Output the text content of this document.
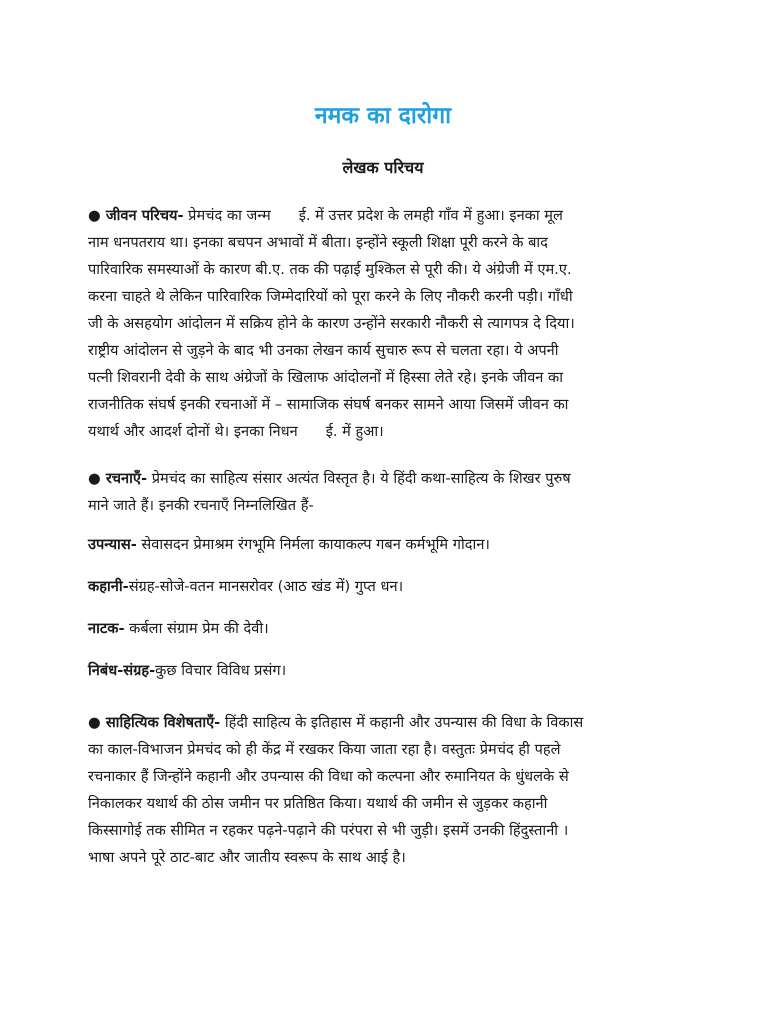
नमक का दारोगा
लेखक परिचय
● जीवन परिचय- प्रेमचंद का जन्म ई. में उत्तर प्रदेश के लमही गाँव में हुआ। इनका मूल
नाम धनपतराय था। इनका बचपन अभावों में बीता। इन्होंने स्कूली शिक्षा पूरी करने के बाद
पारिवारिक समस्याओं के कारण बी.ए. तक की पढ़ाई मुश्किल से पूरी की। ये अंग्रेजी में एम.ए.
करना चाहते थे लेकिन पारिवारिक जिम्मेदारियों को पूरा करने के लिए नौकरी करनी पड़ी। गाँधी
जी के असहयोग आंदोलन में सक्रिय होने के कारण उन्होंने सरकारी नौकरी से त्यागपत्र दे दिया।
राष्ट्रीय आंदोलन से जुड़ने के बाद भी उनका लेखन कार्य सुचारु रूप से चलता रहा। ये अपनी
पत्नी शिवरानी देवी के साथ अंग्रेजों के खिलाफ आंदोलनों में हिस्सा लेते रहे। इनके जीवन का
राजनीतिक संघर्ष इनकी रचनाओं में – सामाजिक संघर्ष बनकर सामने आया जिसमें जीवन का
यथार्थ और आदर्श दोनों थे। इनका निधन ई. में हुआ।
● रचनाएँ- प्रेमचंद का साहित्य संसार अत्यंत विस्तृत है। ये हिंदी कथा-साहित्य के शिखर पुरुष
माने जाते हैं। इनकी रचनाएँ निम्नलिखित हैं-
उपन्यास- सेवासदन प्रेमाश्रम रंगभूमि निर्मला कायाकल्प गबन कर्मभूमि गोदान।
कहानी-संग्रह-सोजे-वतन मानसरोवर (आठ खंड में) गुप्त धन।
नाटक- कर्बला संग्राम प्रेम की देवी।
निबंध-संग्रह-कुछ विचार विविध प्रसंग।
● साहित्यिक विशेषताएँ- हिंदी साहित्य के इतिहास में कहानी और उपन्यास की विधा के विकास
का काल-विभाजन प्रेमचंद को ही केंद्र में रखकर किया जाता रहा है। वस्तुतः प्रेमचंद ही पहले
रचनाकार हैं जिन्होंने कहानी और उपन्यास की विधा को कल्पना और रुमानियत के धुंधलके से
निकालकर यथार्थ की ठोस जमीन पर प्रतिष्ठित किया। यथार्थ की जमीन से जुड़कर कहानी
किस्सागोई तक सीमित न रहकर पढ़ने-पढ़ाने की परंपरा से भी जुड़ी। इसमें उनकी हिंदुस्तानी ।
भाषा अपने पूरे ठाट-बाट और जातीय स्वरूप के साथ आई है।
